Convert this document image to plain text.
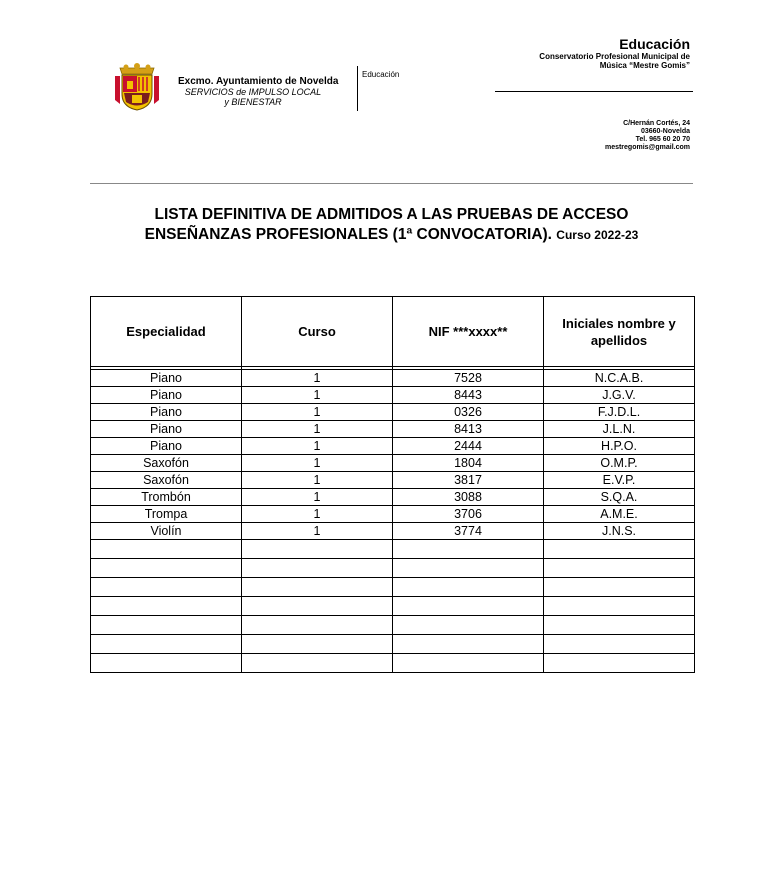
Excmo. Ayuntamiento de Novelda
SERVICIOS de IMPULSO LOCAL
y BIENESTAR
Educación
Educación
Conservatorio Profesional Municipal de
Música “Mestre Gomis”
C/Hernán Cortés, 24
03660-Novelda
Tel. 965 60 20 70
mestregomis@gmail.com
LISTA DEFINITIVA DE ADMITIDOS A LAS PRUEBAS DE ACCESO
ENSEÑANZAS PROFESIONALES (1ª CONVOCATORIA). Curso 2022-23
Especialidad	Curso	NIF ***xxxx**	Iniciales nombre y apellidos

Piano	1	7528	N.C.A.B.
Piano	1	8443	J.G.V.
Piano	1	0326	F.J.D.L.
Piano	1	8413	J.L.N.
Piano	1	2444	H.P.O.
Saxofón	1	1804	O.M.P.
Saxofón	1	3817	E.V.P.
Trombón	1	3088	S.Q.A.
Trompa	1	3706	A.M.E.
Violín	1	3774	J.N.S.
